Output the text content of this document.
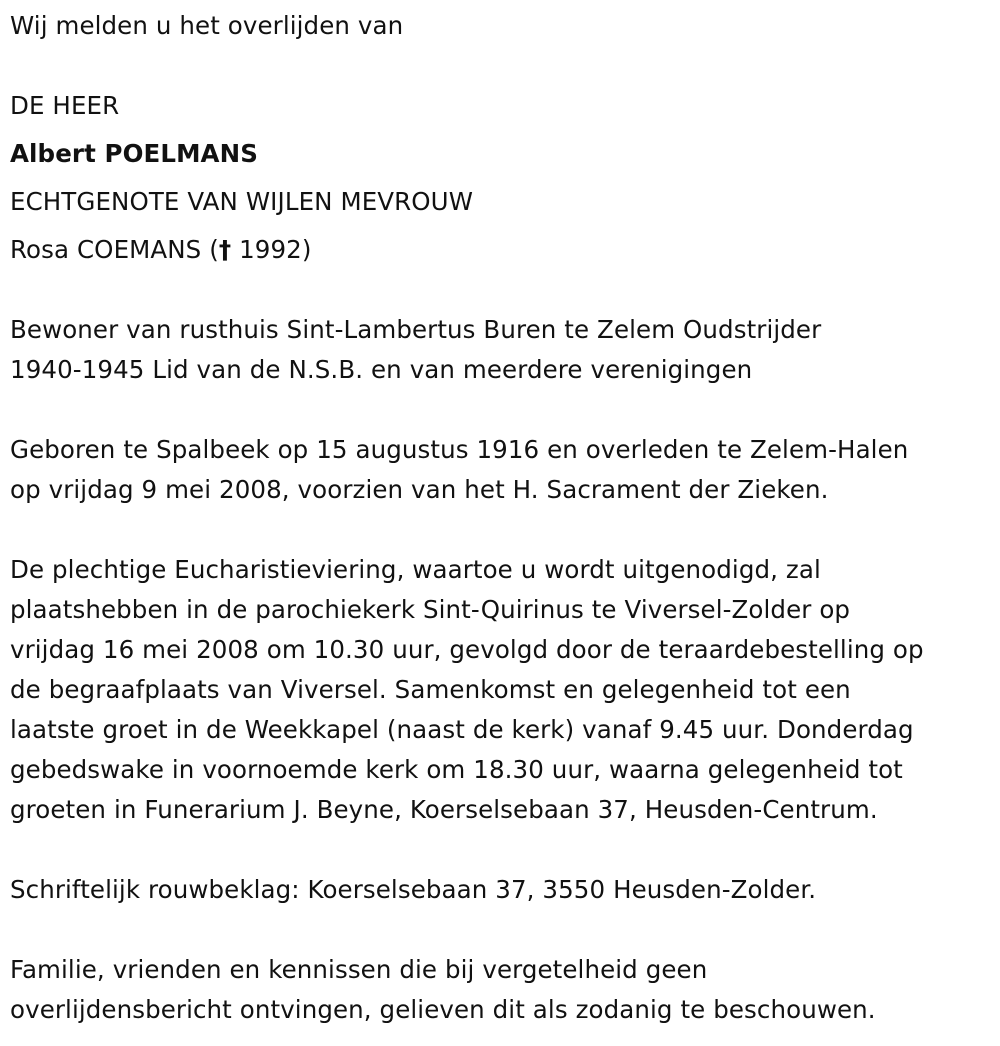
Wij melden u het overlijden van
DE HEER
Albert POELMANS
ECHTGENOTE VAN WIJLEN MEVROUW
Rosa COEMANS († 1992)
Bewoner van rusthuis Sint-Lambertus Buren te Zelem Oudstrijder
1940-1945 Lid van de N.S.B. en van meerdere verenigingen
Geboren te Spalbeek op 15 augustus 1916 en overleden te Zelem-Halen
op vrijdag 9 mei 2008, voorzien van het H. Sacrament der Zieken.
De plechtige Eucharistieviering, waartoe u wordt uitgenodigd, zal
plaatshebben in de parochiekerk Sint-Quirinus te Viversel-Zolder op
vrijdag 16 mei 2008 om 10.30 uur, gevolgd door de teraardebestelling op
de begraafplaats van Viversel. Samenkomst en gelegenheid tot een
laatste groet in de Weekkapel (naast de kerk) vanaf 9.45 uur. Donderdag
gebedswake in voornoemde kerk om 18.30 uur, waarna gelegenheid tot
groeten in Funerarium J. Beyne, Koerselsebaan 37, Heusden-Centrum.
Schriftelijk rouwbeklag: Koerselsebaan 37, 3550 Heusden-Zolder.
Familie, vrienden en kennissen die bij vergetelheid geen
overlijdensbericht ontvingen, gelieven dit als zodanig te beschouwen.
